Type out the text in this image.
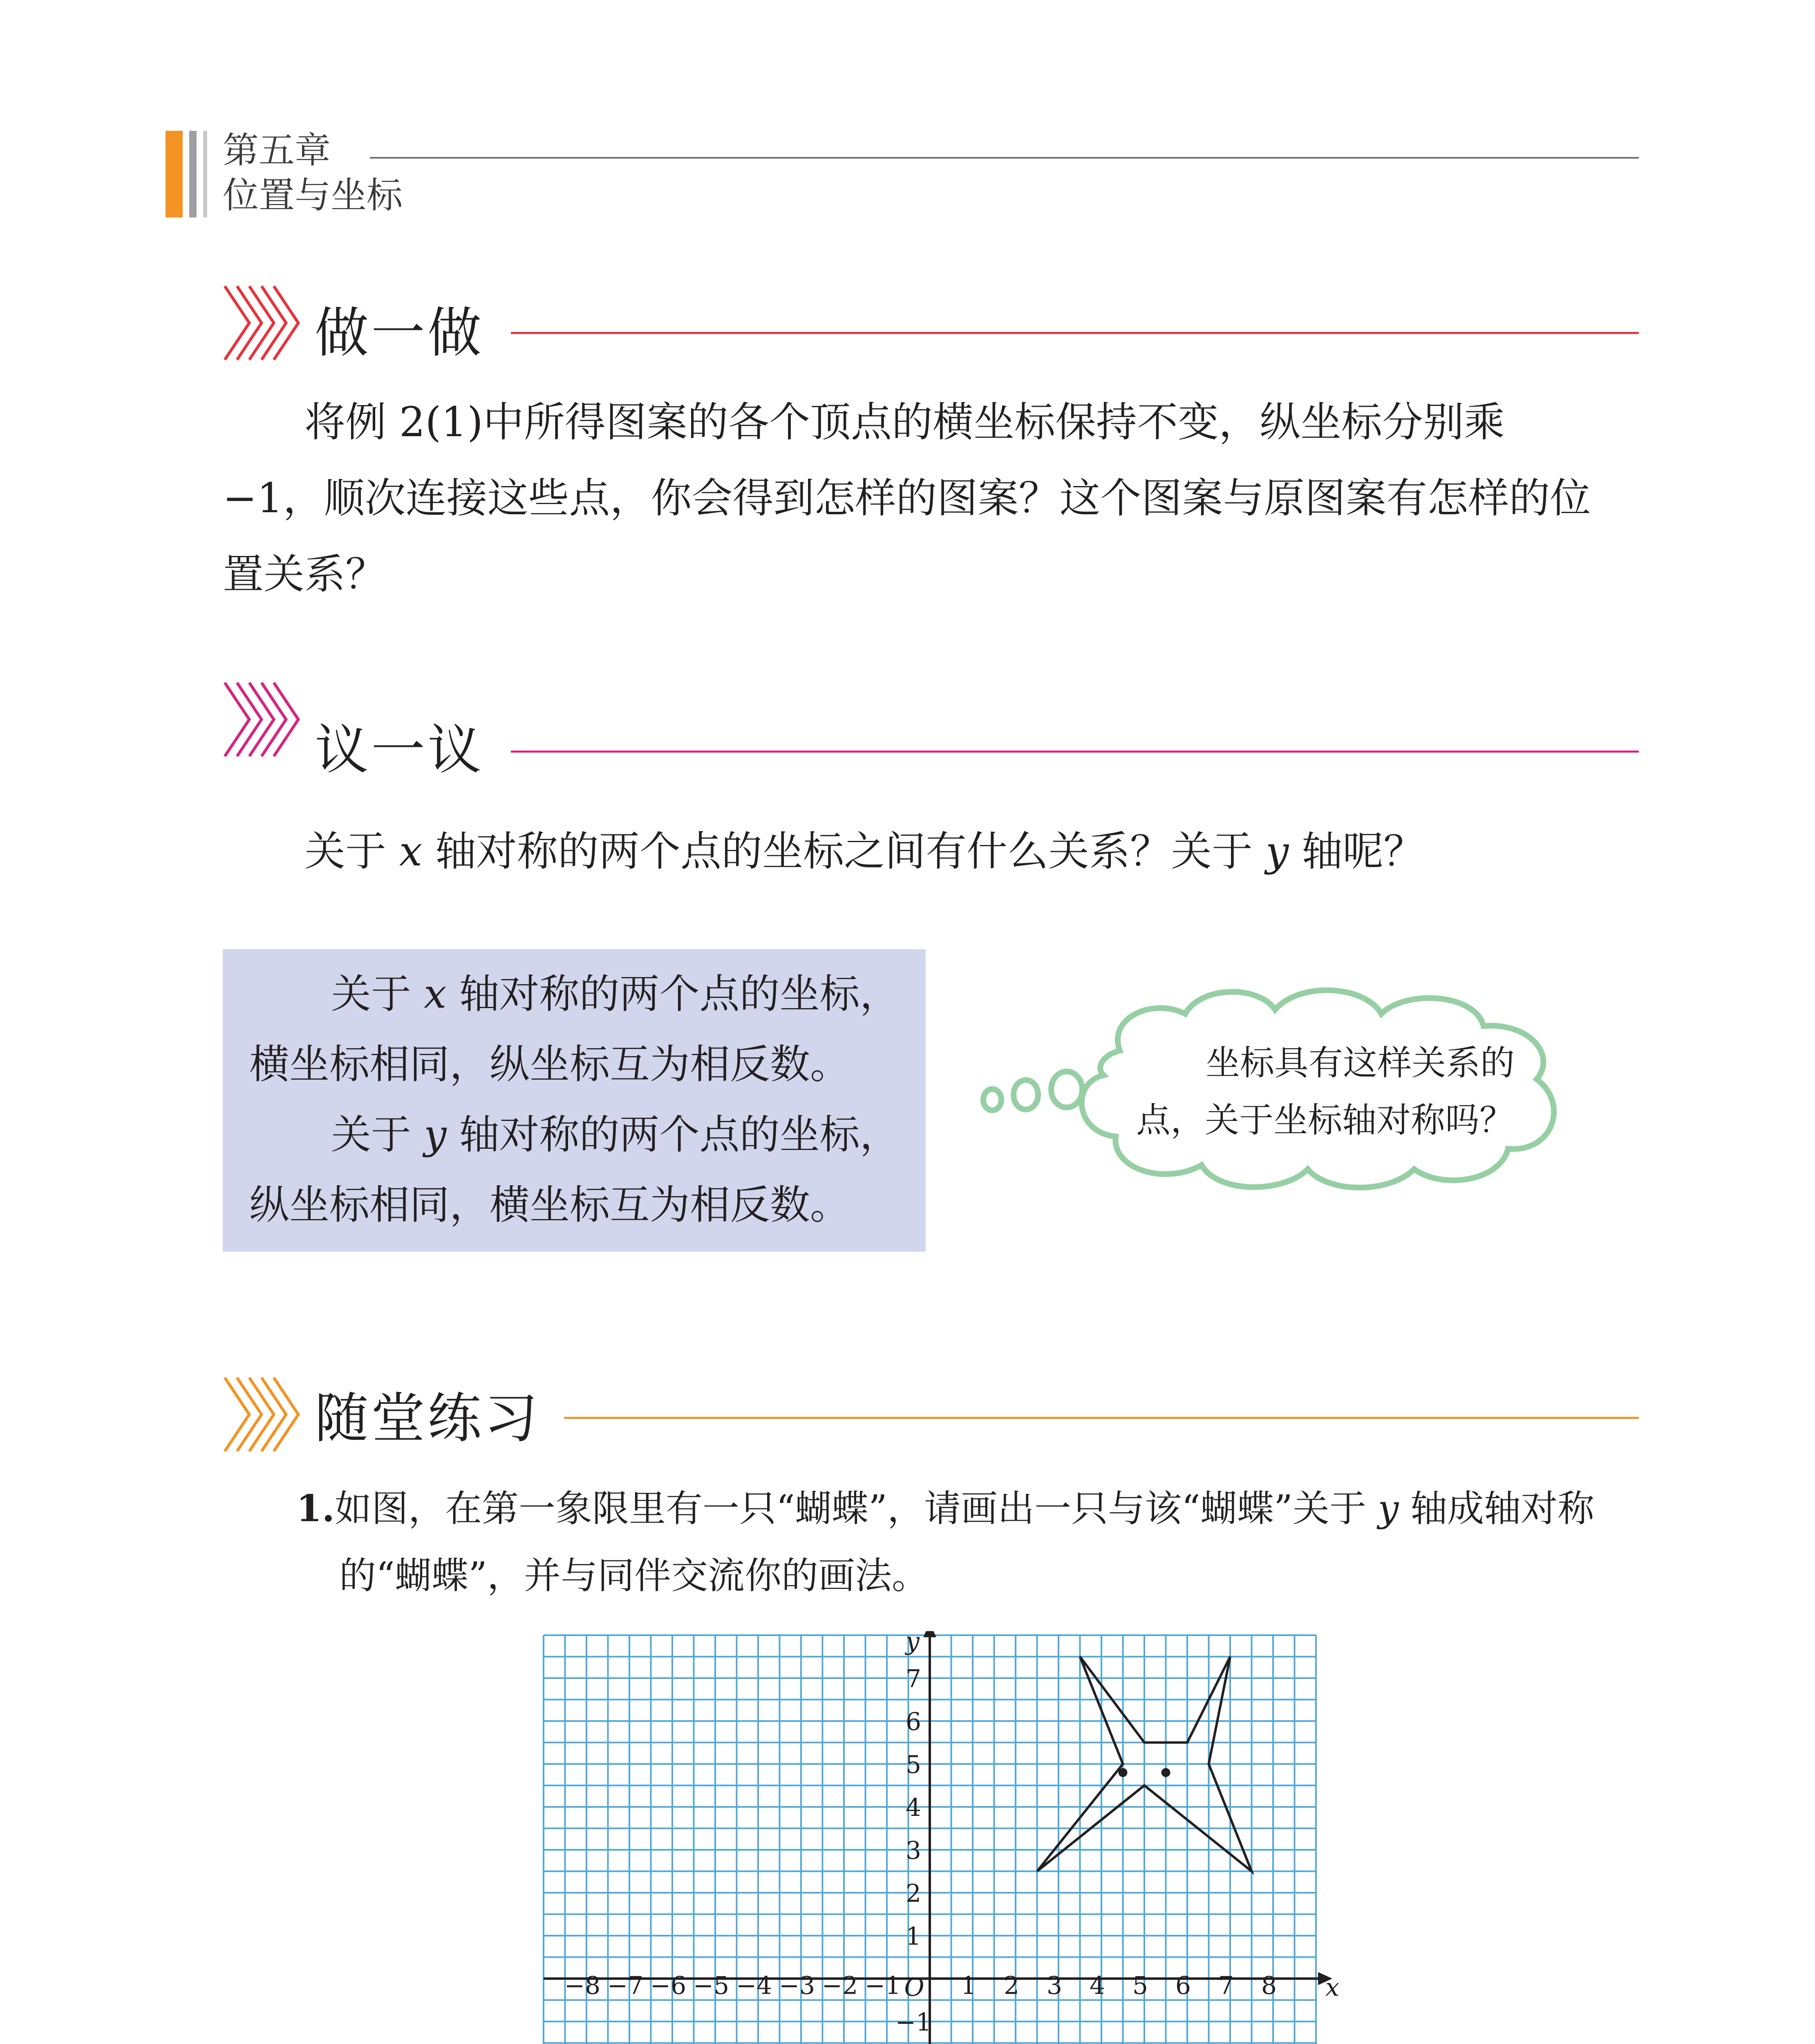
第五章
位置与坐标
做一做
将例 2(1)中所得图案的各个顶点的横坐标保持不变，纵坐标分别乘
−1，顺次连接这些点，你会得到怎样的图案？这个图案与原图案有怎样的位
置关系？
议一议
关于 x 轴对称的两个点的坐标之间有什么关系？关于 y 轴呢？
关于 x 轴对称的两个点的坐标，
横坐标相同，纵坐标互为相反数。
关于 y 轴对称的两个点的坐标，
纵坐标相同，横坐标互为相反数。
坐标具有这样关系的
点，关于坐标轴对称吗？
随堂练习
1.如图，在第一象限里有一只“蝴蝶”，请画出一只与该“蝴蝶”关于 y 轴成轴对称
的“蝴蝶”，并与同伴交流你的画法。
−8 −7 −6 −5 −4 −3 −2 −1 1 2 3 4 5 6 7 8
7
6
5
4
3
2
1
−1
O	x
y
